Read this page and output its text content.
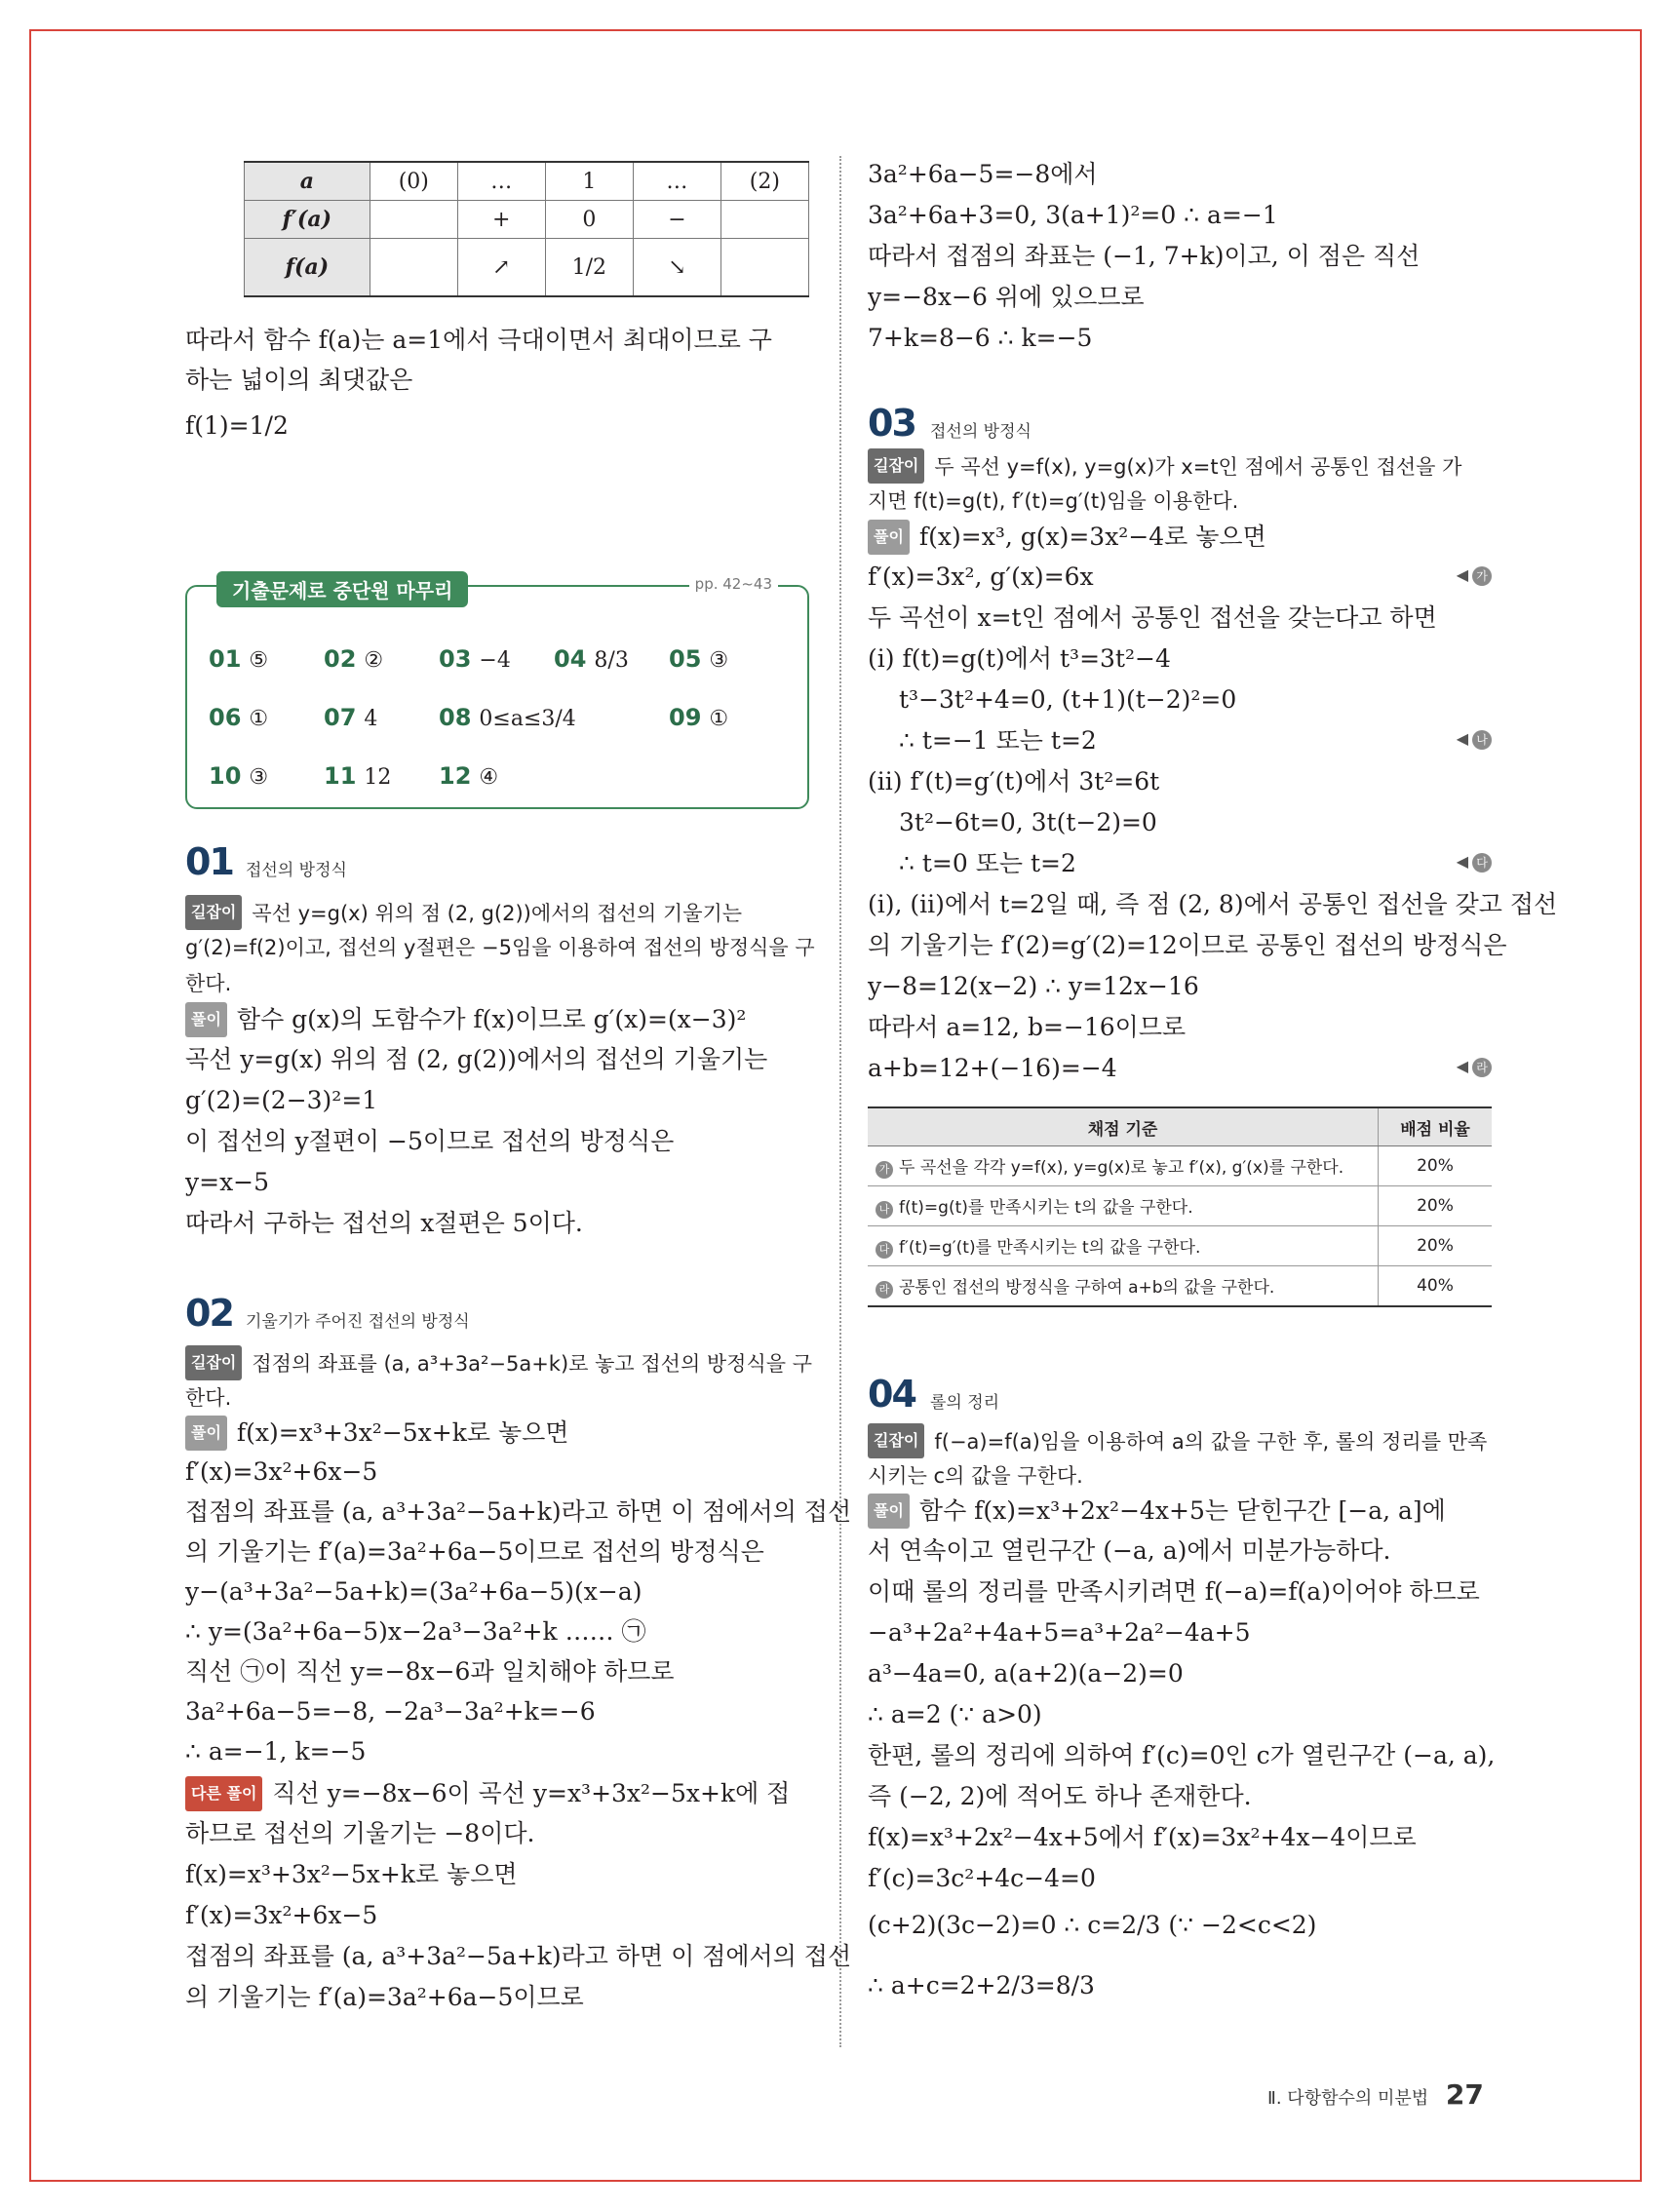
a	(0)	…	1	…	(2)
f′(a)		+	0	−	
f(a)		↗	1/2	↘	
따라서 함수 f(a)는 a=1에서 극대이면서 최대이므로 구
하는 넓이의 최댓값은
f(1)=1/2
기출문제로 중단원 마무리	pp. 42~43
01 ⑤ 02 ② 03 −4 04 8/3 05 ③
06 ① 07 4	08 0≤a≤3/4	09 ①
10 ③ 11 12 12 ④
01 접선의 방정식
길잡이 곡선 y=g(x) 위의 점 (2, g(2))에서의 접선의 기울기는
g′(2)=f(2)이고, 접선의 y절편은 −5임을 이용하여 접선의 방정식을 구
한다.
풀이 함수 g(x)의 도함수가 f(x)이므로 g′(x)=(x−3)²
곡선 y=g(x) 위의 점 (2, g(2))에서의 접선의 기울기는
g′(2)=(2−3)²=1
이 접선의 y절편이 −5이므로 접선의 방정식은
y=x−5
따라서 구하는 접선의 x절편은 5이다.
02 기울기가 주어진 접선의 방정식
길잡이 접점의 좌표를 (a, a³+3a²−5a+k)로 놓고 접선의 방정식을 구
한다.
풀이 f(x)=x³+3x²−5x+k로 놓으면
f′(x)=3x²+6x−5
접점의 좌표를 (a, a³+3a²−5a+k)라고 하면 이 점에서의 접선
의 기울기는 f′(a)=3a²+6a−5이므로 접선의 방정식은
y−(a³+3a²−5a+k)=(3a²+6a−5)(x−a)
∴ y=(3a²+6a−5)x−2a³−3a²+k …… ㉠
직선 ㉠이 직선 y=−8x−6과 일치해야 하므로
3a²+6a−5=−8, −2a³−3a²+k=−6
∴ a=−1, k=−5
다른 풀이 직선 y=−8x−6이 곡선 y=x³+3x²−5x+k에 접
하므로 접선의 기울기는 −8이다.
f(x)=x³+3x²−5x+k로 놓으면
f′(x)=3x²+6x−5
접점의 좌표를 (a, a³+3a²−5a+k)라고 하면 이 점에서의 접선
의 기울기는 f′(a)=3a²+6a−5이므로
3a²+6a−5=−8에서
3a²+6a+3=0, 3(a+1)²=0 ∴ a=−1
따라서 접점의 좌표는 (−1, 7+k)이고, 이 점은 직선
y=−8x−6 위에 있으므로
7+k=8−6 ∴ k=−5
03 접선의 방정식
길잡이 두 곡선 y=f(x), y=g(x)가 x=t인 점에서 공통인 접선을 가
지면 f(t)=g(t), f′(t)=g′(t)임을 이용한다.
풀이 f(x)=x³, g(x)=3x²−4로 놓으면
f′(x)=3x², g′(x)=6x	◀ 가
두 곡선이 x=t인 점에서 공통인 접선을 갖는다고 하면
(i) f(t)=g(t)에서 t³=3t²−4
t³−3t²+4=0, (t+1)(t−2)²=0
∴ t=−1 또는 t=2	◀ 나
(ii) f′(t)=g′(t)에서 3t²=6t
3t²−6t=0, 3t(t−2)=0
∴ t=0 또는 t=2	◀ 다
(i), (ii)에서 t=2일 때, 즉 점 (2, 8)에서 공통인 접선을 갖고 접선
의 기울기는 f′(2)=g′(2)=12이므로 공통인 접선의 방정식은
y−8=12(x−2) ∴ y=12x−16
따라서 a=12, b=−16이므로
a+b=12+(−16)=−4	◀ 라
채점 기준	배점 비율
가 두 곡선을 각각 y=f(x), y=g(x)로 놓고 f′(x), g′(x)를 구한다.	20%
나 f(t)=g(t)를 만족시키는 t의 값을 구한다.	20%
다 f′(t)=g′(t)를 만족시키는 t의 값을 구한다.	20%
라 공통인 접선의 방정식을 구하여 a+b의 값을 구한다.	40%
04 롤의 정리
길잡이 f(−a)=f(a)임을 이용하여 a의 값을 구한 후, 롤의 정리를 만족
시키는 c의 값을 구한다.
풀이 함수 f(x)=x³+2x²−4x+5는 닫힌구간 [−a, a]에
서 연속이고 열린구간 (−a, a)에서 미분가능하다.
이때 롤의 정리를 만족시키려면 f(−a)=f(a)이어야 하므로
−a³+2a²+4a+5=a³+2a²−4a+5
a³−4a=0, a(a+2)(a−2)=0
∴ a=2 (∵ a>0)
한편, 롤의 정리에 의하여 f′(c)=0인 c가 열린구간 (−a, a),
즉 (−2, 2)에 적어도 하나 존재한다.
f(x)=x³+2x²−4x+5에서 f′(x)=3x²+4x−4이므로
f′(c)=3c²+4c−4=0
(c+2)(3c−2)=0 ∴ c=2/3 (∵ −2<c<2)
∴ a+c=2+2/3=8/3
Ⅱ. 다항함수의 미분법 27
